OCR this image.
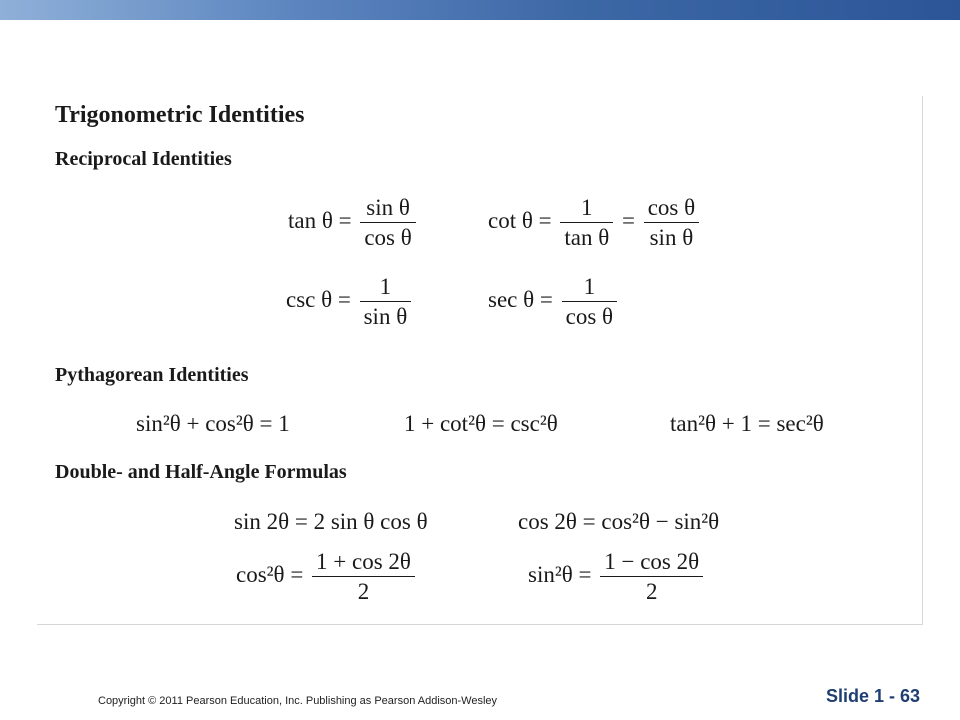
Trigonometric Identities
Reciprocal Identities
$\tan \theta = \frac{\text{sin θ}}{\text{cos θ}}$	$\cot \theta = \frac{1}{\text{tan θ}} = \frac{\text{cos θ}}{\text{sin θ}}$
$\csc \theta = \frac{1}{\text{sin θ}}$	$\sec \theta = \frac{1}{\text{cos θ}}$
Pythagorean Identities
sin²θ + cos²θ = 1	1 + cot²θ = csc²θ	tan²θ + 1 = sec²θ
Double- and Half-Angle Formulas
sin 2θ = 2 sin θ cos θ	cos 2θ = cos²θ − sin²θ
$\cos^2\theta = \frac{1 + \cos 2\theta}{2}$	$\sin^2\theta = \frac{1 - \cos 2\theta}{2}$
Copyright © 2011 Pearson Education, Inc. Publishing as Pearson Addison-Wesley	Slide 1 - 63
